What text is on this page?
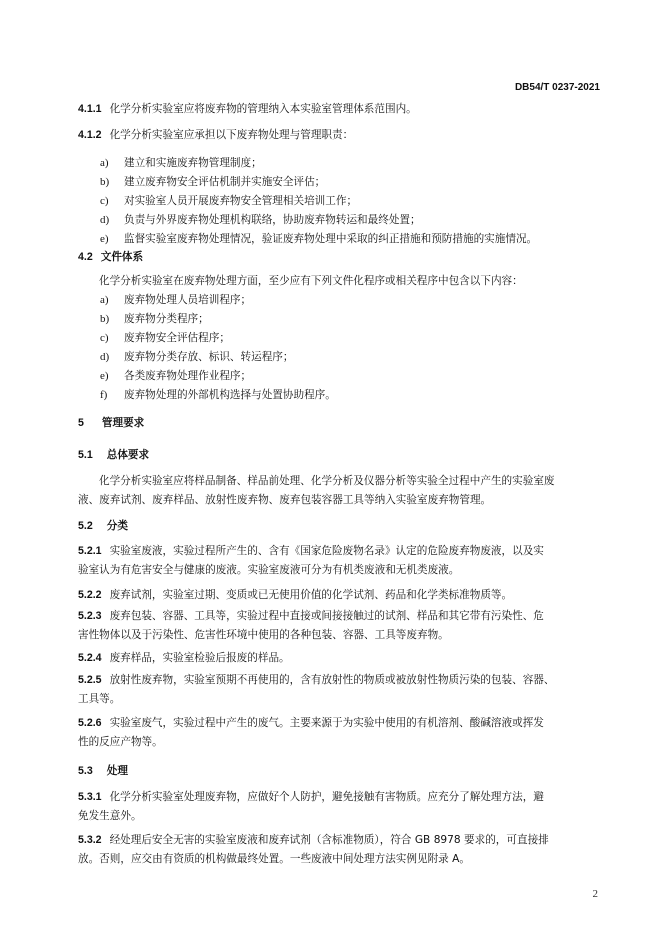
DB54/T 0237-2021
4.1.1 化学分析实验室应将废弃物的管理纳入本实验室管理体系范围内。
4.1.2 化学分析实验室应承担以下废弃物处理与管理职责：
a) 建立和实施废弃物管理制度；
b) 建立废弃物安全评估机制并实施安全评估；
c) 对实验室人员开展废弃物安全管理相关培训工作；
d) 负责与外界废弃物处理机构联络，协助废弃物转运和最终处置；
e) 监督实验室废弃物处理情况，验证废弃物处理中采取的纠正措施和预防措施的实施情况。
4.2 文件体系
化学分析实验室在废弃物处理方面，至少应有下列文件化程序或相关程序中包含以下内容：
a) 废弃物处理人员培训程序；
b) 废弃物分类程序；
c) 废弃物安全评估程序；
d) 废弃物分类存放、标识、转运程序；
e) 各类废弃物处理作业程序；
f) 废弃物处理的外部机构选择与处置协助程序。
5 管理要求
5.1 总体要求
化学分析实验室应将样品制备、样品前处理、化学分析及仪器分析等实验全过程中产生的实验室废
液、废弃试剂、废弃样品、放射性废弃物、废弃包装容器工具等纳入实验室废弃物管理。
5.2 分类
5.2.1 实验室废液，实验过程所产生的、含有《国家危险废物名录》认定的危险废弃物废液，以及实
验室认为有危害安全与健康的废液。实验室废液可分为有机类废液和无机类废液。
5.2.2 废弃试剂，实验室过期、变质或已无使用价值的化学试剂、药品和化学类标准物质等。
5.2.3 废弃包装、容器、工具等，实验过程中直接或间接接触过的试剂、样品和其它带有污染性、危
害性物体以及于污染性、危害性环境中使用的各种包装、容器、工具等废弃物。
5.2.4 废弃样品，实验室检验后报废的样品。
5.2.5 放射性废弃物，实验室预期不再使用的，含有放射性的物质或被放射性物质污染的包装、容器、
工具等。
5.2.6 实验室废气，实验过程中产生的废气。主要来源于为实验中使用的有机溶剂、酸碱溶液或挥发
性的反应产物等。
5.3 处理
5.3.1 化学分析实验室处理废弃物，应做好个人防护，避免接触有害物质。应充分了解处理方法，避
免发生意外。
5.3.2 经处理后安全无害的实验室废液和废弃试剂（含标准物质），符合 GB 8978 要求的，可直接排
放。否则，应交由有资质的机构做最终处置。一些废液中间处理方法实例见附录 A。
2
